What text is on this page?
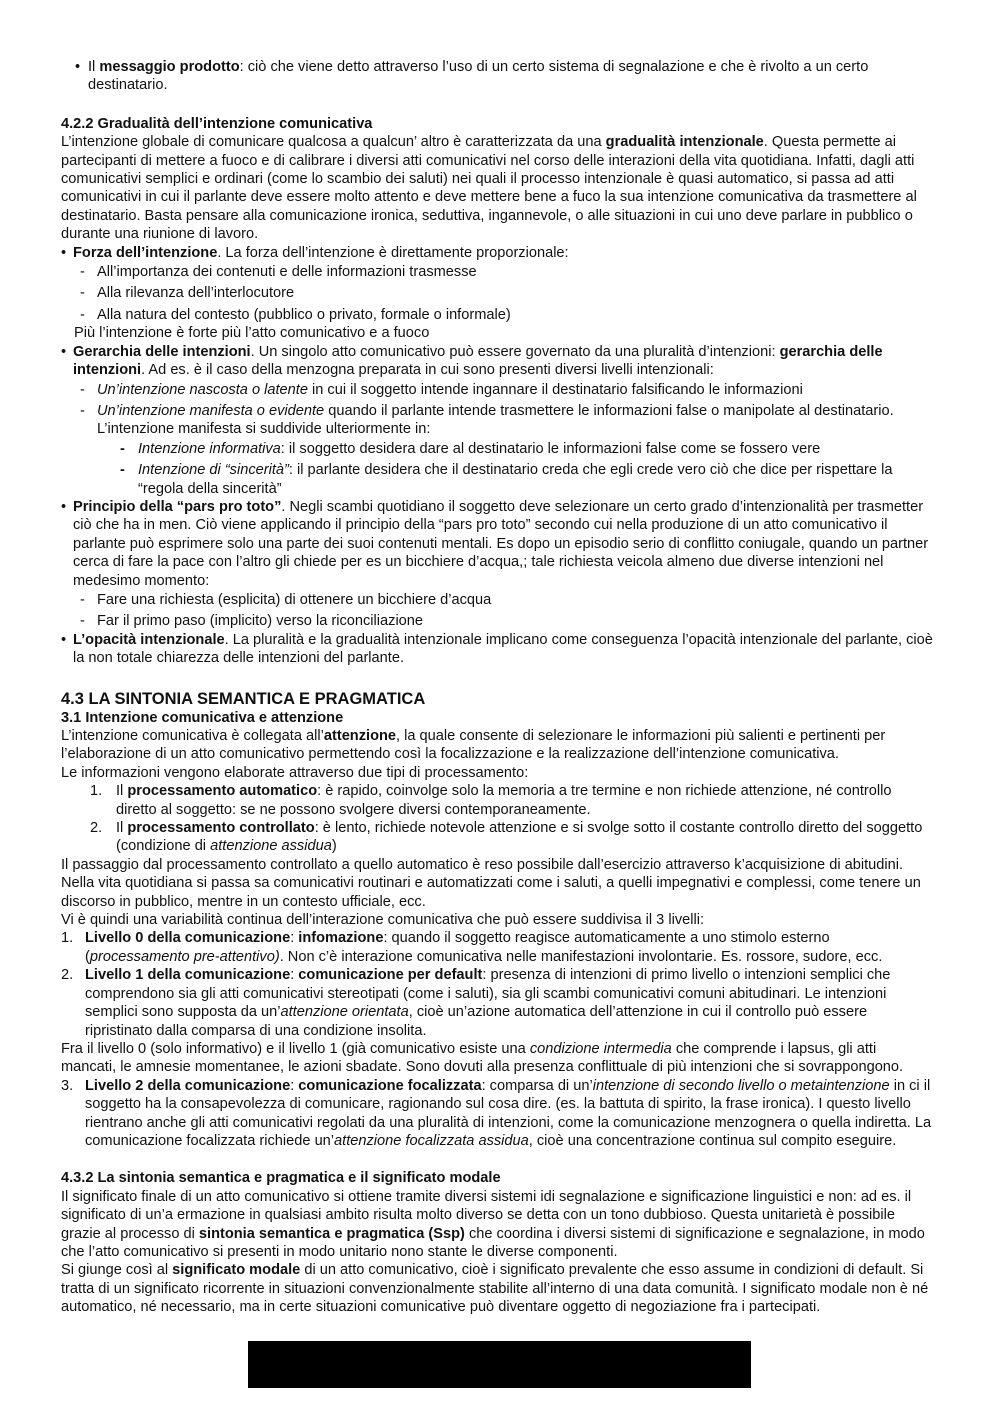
• Il messaggio prodotto: ciò che viene detto attraverso l’uso di un certo sistema di segnalazione e che è rivolto a un certo destinatario.

4.2.2 Gradualità dell’intenzione comunicativa

L’intenzione globale di comunicare qualcosa a qualcun’ altro è caratterizzata da una gradualità intenzionale. Questa permette ai partecipanti di mettere a fuoco e di calibrare i diversi atti comunicativi nel corso delle interazioni della vita quotidiana. Infatti, dagli atti comunicativi semplici e ordinari (come lo scambio dei saluti) nei quali il processo intenzionale è quasi automatico, si passa ad atti comunicativi in cui il parlante deve essere molto attento e deve mettere bene a fuco la sua intenzione comunicativa da trasmettere al destinatario. Basta pensare alla comunicazione ironica, seduttiva, ingannevole, o alle situazioni in cui uno deve parlare in pubblico o durante una riunione di lavoro.

• Forza dell’intenzione. La forza dell’intenzione è direttamente proporzionale:

- All’importanza dei contenuti e delle informazioni trasmesse

- Alla rilevanza dell’interlocutore

- Alla natura del contesto (pubblico o privato, formale o informale)

Più l’intenzione è forte più l’atto comunicativo e a fuoco

• Gerarchia delle intenzioni. Un singolo atto comunicativo può essere governato da una pluralità d’intenzioni: gerarchia delle intenzioni. Ad es. è il caso della menzogna preparata in cui sono presenti diversi livelli intenzionali:

- Un’intenzione nascosta o latente in cui il soggetto intende ingannare il destinatario falsificando le informazioni

- Un’intenzione manifesta o evidente quando il parlante intende trasmettere le informazioni false o manipolate al destinatario.

L’intenzione manifesta si suddivide ulteriormente in:

- Intenzione informativa: il soggetto desidera dare al destinatario le informazioni false come se fossero vere

- Intenzione di “sincerità”: il parlante desidera che il destinatario creda che egli crede vero ciò che dice per rispettare la “regola della sincerità”

• Principio della “pars pro toto”. Negli scambi quotidiano il soggetto deve selezionare un certo grado d’intenzionalità per trasmetter ciò che ha in men. Ciò viene applicando il principio della “pars pro toto” secondo cui nella produzione di un atto comunicativo il parlante può esprimere solo una parte dei suoi contenuti mentali. Es dopo un episodio serio di conflitto coniugale, quando un partner cerca di fare la pace con l’altro gli chiede per es un bicchiere d’acqua,; tale richiesta veicola almeno due diverse intenzioni nel medesimo momento:

- Fare una richiesta (esplicita) di ottenere un bicchiere d’acqua

- Far il primo paso (implicito) verso la riconciliazione

• L’opacità intenzionale. La pluralità e la gradualità intenzionale implicano come conseguenza l’opacità intenzionale del parlante, cioè la non totale chiarezza delle intenzioni del parlante.

4.3 LA SINTONIA SEMANTICA E PRAGMATICA
3.1 Intenzione comunicativa e attenzione

L’intenzione comunicativa è collegata all’attenzione, la quale consente di selezionare le informazioni più salienti e pertinenti per l’elaborazione di un atto comunicativo permettendo così la focalizzazione e la realizzazione dell’intenzione comunicativa.

Le informazioni vengono elaborate attraverso due tipi di processamento:

1. Il processamento automatico: è rapido, coinvolge solo la memoria a tre termine e non richiede attenzione, né controllo diretto al soggetto: se ne possono svolgere diversi contemporaneamente.

2. Il processamento controllato: è lento, richiede notevole attenzione e si svolge sotto il costante controllo diretto del soggetto (condizione di attenzione assidua)

Il passaggio dal processamento controllato a quello automatico è reso possibile dall’esercizio attraverso k’acquisizione di abitudini. Nella vita quotidiana si passa sa comunicativi routinari e automatizzati come i saluti, a quelli impegnativi e complessi, come tenere un discorso in pubblico, mentre in un contesto ufficiale, ecc.

Vi è quindi una variabilità continua dell’interazione comunicativa che può essere suddivisa il 3 livelli:

1. Livello 0 della comunicazione: infomazione: quando il soggetto reagisce automaticamente a uno stimolo esterno (processamento pre-attentivo). Non c’è interazione comunicativa nelle manifestazioni involontarie. Es. rossore, sudore, ecc.

2. Livello 1 della comunicazione: comunicazione per default: presenza di intenzioni di primo livello o intenzioni semplici che comprendono sia gli atti comunicativi stereotipati (come i saluti), sia gli scambi comunicativi comuni abitudinari. Le intenzioni semplici sono supposta da un’attenzione orientata, cioè un’azione automatica dell’attenzione in cui il controllo può essere ripristinato dalla comparsa di una condizione insolita.

Fra il livello 0 (solo informativo) e il livello 1 (già comunicativo esiste una condizione intermedia che comprende i lapsus, gli atti mancati, le amnesie momentanee, le azioni sbadate. Sono dovuti alla presenza conflittuale di più intenzioni che si sovrappongono.

3. Livello 2 della comunicazione: comunicazione focalizzata: comparsa di un’intenzione di secondo livello o metaintenzione in ci il soggetto ha la consapevolezza di comunicare, ragionando sul cosa dire. (es. la battuta di spirito, la frase ironica). I questo livello rientrano anche gli atti comunicativi regolati da una pluralità di intenzioni, come la comunicazione menzognera o quella indiretta. La comunicazione focalizzata richiede un’attenzione focalizzata assidua, cioè una concentrazione continua sul compito eseguire.

4.3.2 La sintonia semantica e pragmatica e il significato modale

Il significato finale di un atto comunicativo si ottiene tramite diversi sistemi idi segnalazione e significazione linguistici e non: ad es. il significato di un’a ermazione in qualsiasi ambito risulta molto diverso se detta con un tono dubbioso. Questa unitarietà è possibile grazie al processo di sintonia semantica e pragmatica (Ssp) che coordina i diversi sistemi di significazione e segnalazione, in modo che l’atto comunicativo si presenti in modo unitario nono stante le diverse componenti.

Si giunge così al significato modale di un atto comunicativo, cioè i significato prevalente che esso assume in condizioni di default. Si tratta di un significato ricorrente in situazioni convenzionalmente stabilite all’interno di una data comunità. I significato modale non è né automatico, né necessario, ma in certe situazioni comunicative può diventare oggetto di negoziazione fra i partecipati.
